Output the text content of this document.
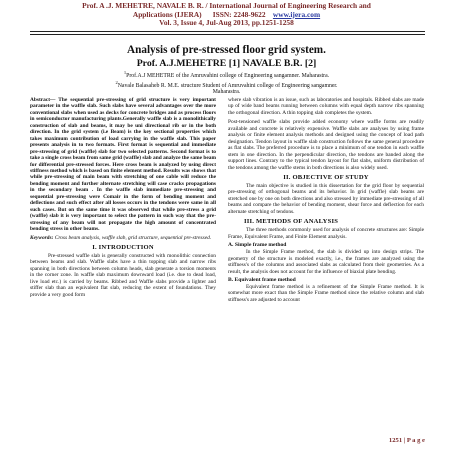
Prof. A .J. MEHETRE, NAVALE B. R. / International Journal of Engineering Research and
Applications (IJERA) ISSN: 2248-9622 www.ijera.com
Vol. 3, Issue 4, Jul-Aug 2013, pp.1251-1258
Analysis of pre-stressed floor grid system.
Prof. A.J.MEHETRE [1] NAVALE B.R. [2]
$^1$Prof.A.J MEHETRE of the Amruvahini college of Engineering sangamner. Maharastra.
$^2$Navale Balasaheb R. M.E. structure Student of Amruvahini college of Engineering sangamner.
Maharastra.

Abstract— The sequential pre-stressing of grid structure is very important parameter in the waffle slab. Such slabs have several advantages over the more conventional slabs when used as decks for concrete bridges and as process floors in semiconductor manufacturing plants.Generally waffle slab is a monolithically construction of slab and beams, it may be uni directional rib or in the both direction. In the grid system (i.e Beam) is the key sectional properties which takes maximum contribution of load carrying in the waffle slab. This paper presents analysis in to two formats. First format is sequential and immediate pre-stressing of grid (waffle) slab for two selected patterns. Second format is to take a single cross beam from same grid (waffle) slab and analyze the same beam for differential pre-stressed forces. Here cross beam is analyzed by using direct stiffness method which is based on finite element method. Results was shows that while pre-stressing of main beam with stretching of one cable will reduce the bending moment and further alternate stretching will case cracks propagations in the secondary beam . In the waffle slab immediate pre-stressing and sequential pre-stressing were Comair in the form of bending moment and deflections and such effect after all losses occurs in the tendons were same in all such cases. But on the same time it was observed that while pre-stress a grid (waffle) slab it is very important to select the pattern in such way that the pre-stressing of any beam will not propagate the high amount of concentrated bending stress in other beams.

Keywords: Cross beam analysis, waffle slab, grid structure, sequential pre-stressed.

I. INTRODUCTION

Pre-stressed waffle slab is generally constructed with monolithic connection between beams and slab. Waffle slabs have a thin topping slab and narrow ribs spanning in both directions between column heads, slab generate a torsion moments in the corner zone. In waffle slab maximum downward load (i.e. due to dead load, live load etc.) is carried by beams. Ribbed and Waffle slabs provide a lighter and stiffer slab than an equivalent flat slab, reducing the extent of foundations. They provide a very good form

where slab vibration is an issue, such as laboratories and hospitals. Ribbed slabs are made up of wide band beams running between columns with equal depth narrow ribs spanning the orthogonal direction. A thin topping slab completes the system.

Post-tensioned waffle slabs provide added economy where waffle forms are readily available and concrete is relatively expensive. Waffle slabs are analyses by using frame analysis or finite element analysis methods and designed using the concept of load path designation. Tendon layout in waffle slab construction follows the same general procedure as flat slabs. The preferred procedure is to place a minimum of one tendon in each waffle stem in one direction. In the perpendicular direction, the tendons are banded along the support lines. Contrary to the typical tendon layout for flat slabs, uniform distribution of the tendons among the waffle stems in both directions is also widely used.

II. OBJECTIVE OF STUDY

The main objective is studied in this dissertation for the grid floor by sequential pre-stressing of orthogonal beams and its behavior. In grid (waffle) slab beams are stretched one by one on both directions and also stressed by immediate pre-stressing of all beams and compare the behavior of bending moment, shear force and deflection for each alternate stretching of tendons.

III. METHODS OF ANALYSIS

The three methods commonly used for analysis of concrete structures are: Simple Frame, Equivalent Frame, and Finite Element analysis.

A. Simple frame method

In the Simple Frame method, the slab is divided up into design strips. The geometry of the structure is modeled exactly, i.e., the frames are analyzed using the stiffness's of the columns and associated slabs as calculated from their geometries. As a result, the analysis does not account for the influence of biaxial plate bending.

B. Equivalent frame method

Equivalent frame method is a refinement of the Simple Frame method. It is somewhat more exact than the Simple Frame method since the relative column and slab stiffness's are adjusted to account

1251 | P a g e
